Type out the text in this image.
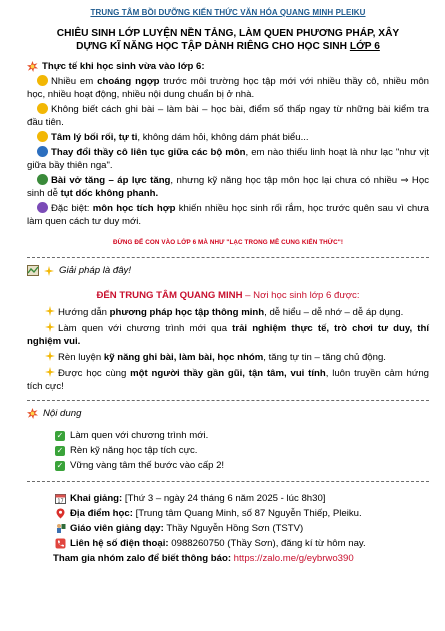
TRUNG TÂM BỒI DƯỠNG KIẾN THỨC VĂN HÓA QUANG MINH PLEIKU
CHIÊU SINH LỚP LUYỆN NỀN TẢNG, LÀM QUEN PHƯƠNG PHÁP, XÂY
DỰNG KĨ NĂNG HỌC TẬP DÀNH RIÊNG CHO HỌC SINH LỚP 6
Thực tế khi học sinh vừa vào lớp 6:
Nhiều em choáng ngợp trước môi trường học tập mới với nhiều thầy cô, nhiều môn học, nhiều hoạt động, nhiều nội dung chuẩn bị ở nhà.
Không biết cách ghi bài – làm bài – học bài, điểm số thấp ngay từ những bài kiểm tra đầu tiên.
Tâm lý bối rối, tự ti, không dám hỏi, không dám phát biểu...
Thay đổi thầy cô liên tục giữa các bộ môn, em nào thiếu linh hoạt là như lạc "như vịt giữa bầy thiên nga".
Bài vở tăng – áp lực tăng, nhưng kỹ năng học tập môn học lại chưa có nhiều ⇒ Học sinh dễ tụt dốc không phanh.
Đặc biệt: môn học tích hợp khiến nhiều học sinh rối rắm, học trước quên sau vì chưa làm quen cách tư duy mới.
ĐỪNG ĐỂ CON VÀO LỚP 6 MÀ NHƯ "LẠC TRONG MÊ CUNG KIẾN THỨC"!
Giải pháp là đây!
ĐẾN TRUNG TÂM QUANG MINH – Nơi học sinh lớp 6 được:
Hướng dẫn phương pháp học tập thông minh, dễ hiểu – dễ nhớ – dễ áp dụng.
Làm quen với chương trình mới qua trải nghiệm thực tế, trò chơi tư duy, thí nghiệm vui.
Rèn luyện kỹ năng ghi bài, làm bài, học nhóm, tăng tự tin – tăng chủ động.
Được học cùng một người thầy gần gũi, tận tâm, vui tính, luôn truyền cảm hứng tích cực!
Nội dung
✓ Làm quen với chương trình mới.
✓ Rèn kỹ năng học tập tích cực.
✓ Vững vàng tâm thế bước vào cấp 2!
17 Khai giảng: [Thứ 3 – ngày 24 tháng 6 năm 2025 - lúc 8h30]
Địa điểm học: [Trung tâm Quang Minh, số 87 Nguyễn Thiếp, Pleiku.
Giáo viên giảng dạy: Thầy Nguyễn Hồng Sơn (TSTV)
Liên hệ số điện thoại: 0988260750 (Thầy Sơn), đăng kí từ hôm nay.
Tham gia nhóm zalo để biết thông báo: https://zalo.me/g/eybrwo390
